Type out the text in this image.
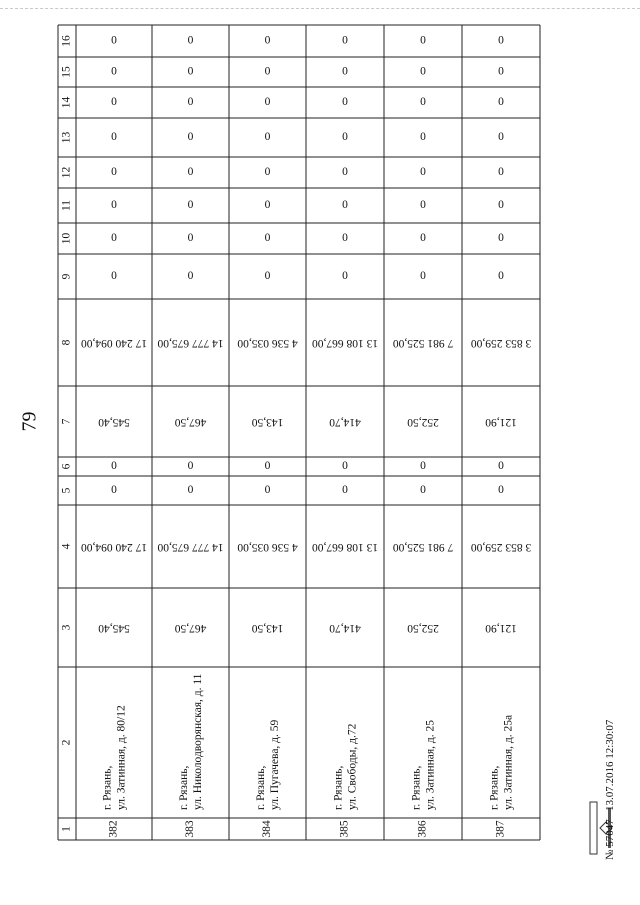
79
16
15
14
13
12
11
10
9
8
7
6
5
4
3
2
1
0
0
0
0
0
0
0
0
17 240 094,00
545,40
0
0
17 240 094,00
545,40
г. Рязань, ул. Затинная, д. 80/12
382
0
0
0
0
0
0
0
0
14 777 675,00
467,50
0
0
14 777 675,00
467,50
г. Рязань, ул. Николодворянская, д. 11
383
0
0
0
0
0
0
0
0
4 536 035,00
143,50
0
0
4 536 035,00
143,50
г. Рязань, ул. Пугачева, д. 59
384
0
0
0
0
0
0
0
0
13 108 667,00
414,70
0
0
13 108 667,00
414,70
г. Рязань, ул. Свободы, д.72
385
0
0
0
0
0
0
0
0
7 981 525,00
252,50
0
0
7 981 525,00
252,50
г. Рязань, ул. Затинная, д. 25
386
0
0
0
0
0
0
0
0
3 853 259,00
121,90
0
0
3 853 259,00
121,90
г. Рязань, ул. Затинная, д. 25а
387	№ 57047   13.07.2016 12:30:07
